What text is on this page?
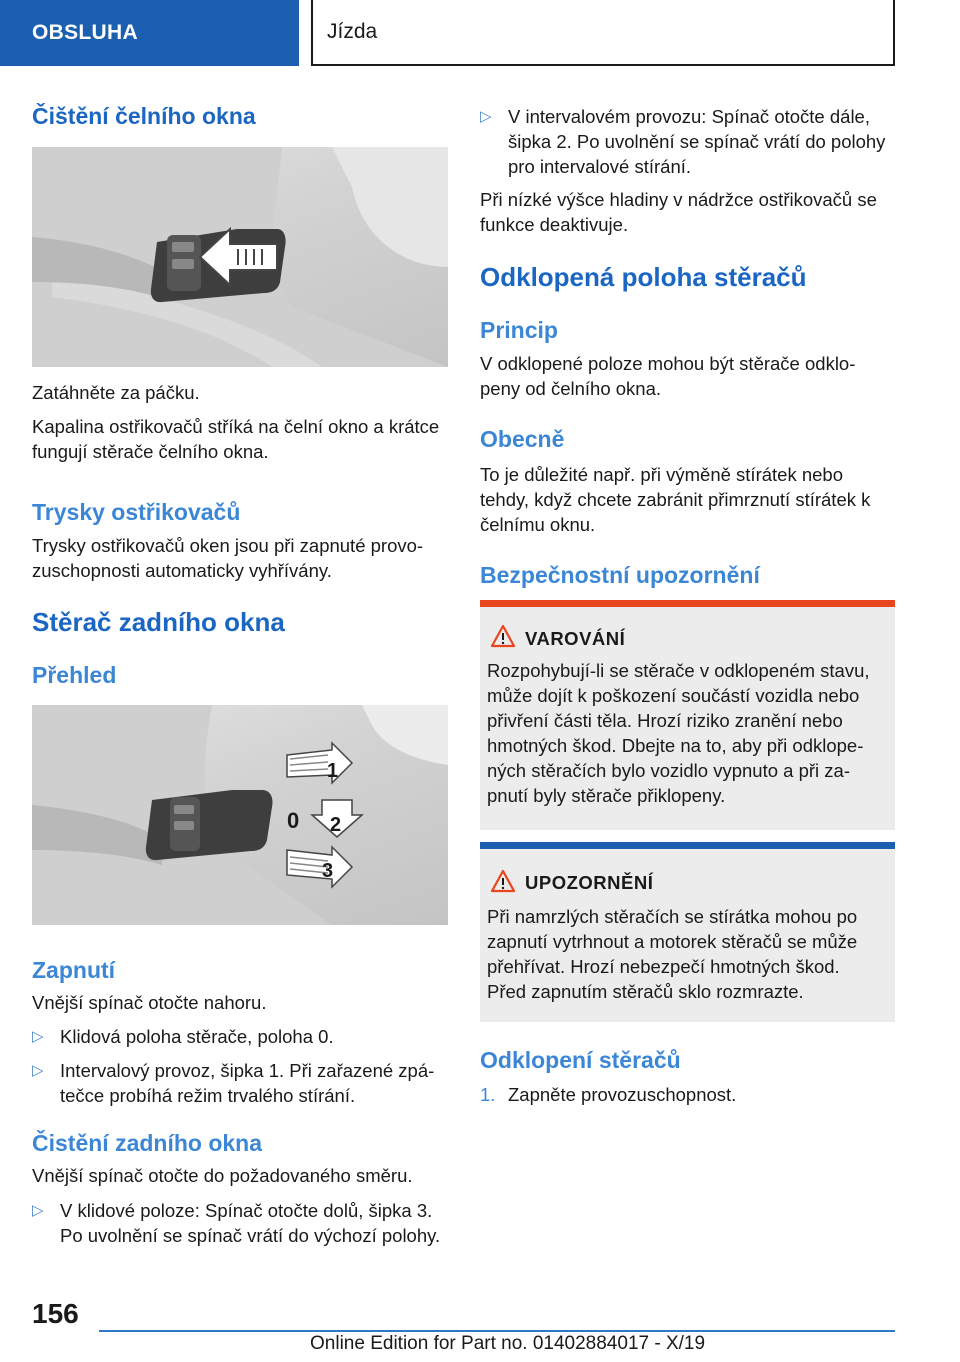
OBSLUHA	Jízda
Čištění čelního okna
Zatáhněte za páčku.
Kapalina ostřikovačů stříká na čelní okno a krátce
fungují stěrače čelního okna.
Trysky ostřikovačů
Trysky ostřikovačů oken jsou při zapnuté provo-
zuschopnosti automaticky vyhřívány.
Stěrač zadního okna
Přehled
1
0 2
3
Zapnutí
Vnější spínač otočte nahoru.
▷ Klidová poloha stěrače, poloha 0.
▷ Intervalový provoz, šipka 1. Při zařazené zpá-
tečce probíhá režim trvalého stírání.
Čistění zadního okna
Vnější spínač otočte do požadovaného směru.
▷ V klidové poloze: Spínač otočte dolů, šipka 3.
Po uvolnění se spínač vrátí do výchozí polohy.
▷ V intervalovém provozu: Spínač otočte dále,
šipka 2. Po uvolnění se spínač vrátí do polohy
pro intervalové stírání.
Při nízké výšce hladiny v nádržce ostřikovačů se
funkce deaktivuje.
Odklopená poloha stěračů
Princip
V odklopené poloze mohou být stěrače odklo-
peny od čelního okna.
Obecně
To je důležité např. při výměně stírátek nebo
tehdy, když chcete zabránit přimrznutí stírátek k
čelnímu oknu.
Bezpečnostní upozornění
VAROVÁNÍ
Rozpohybují-li se stěrače v odklopeném stavu,
může dojít k poškození součástí vozidla nebo
přivření části těla. Hrozí riziko zranění nebo
hmotných škod. Dbejte na to, aby při odklope-
ných stěračích bylo vozidlo vypnuto a při za-
pnutí byly stěrače přiklopeny.
UPOZORNĚNÍ
Při namrzlých stěračích se stírátka mohou po
zapnutí vytrhnout a motorek stěračů se může
přehřívat. Hrozí nebezpečí hmotných škod.
Před zapnutím stěračů sklo rozmrazte.
Odklopení stěračů
1. Zapněte provozuschopnost.
156
Online Edition for Part no. 01402884017 - X/19
